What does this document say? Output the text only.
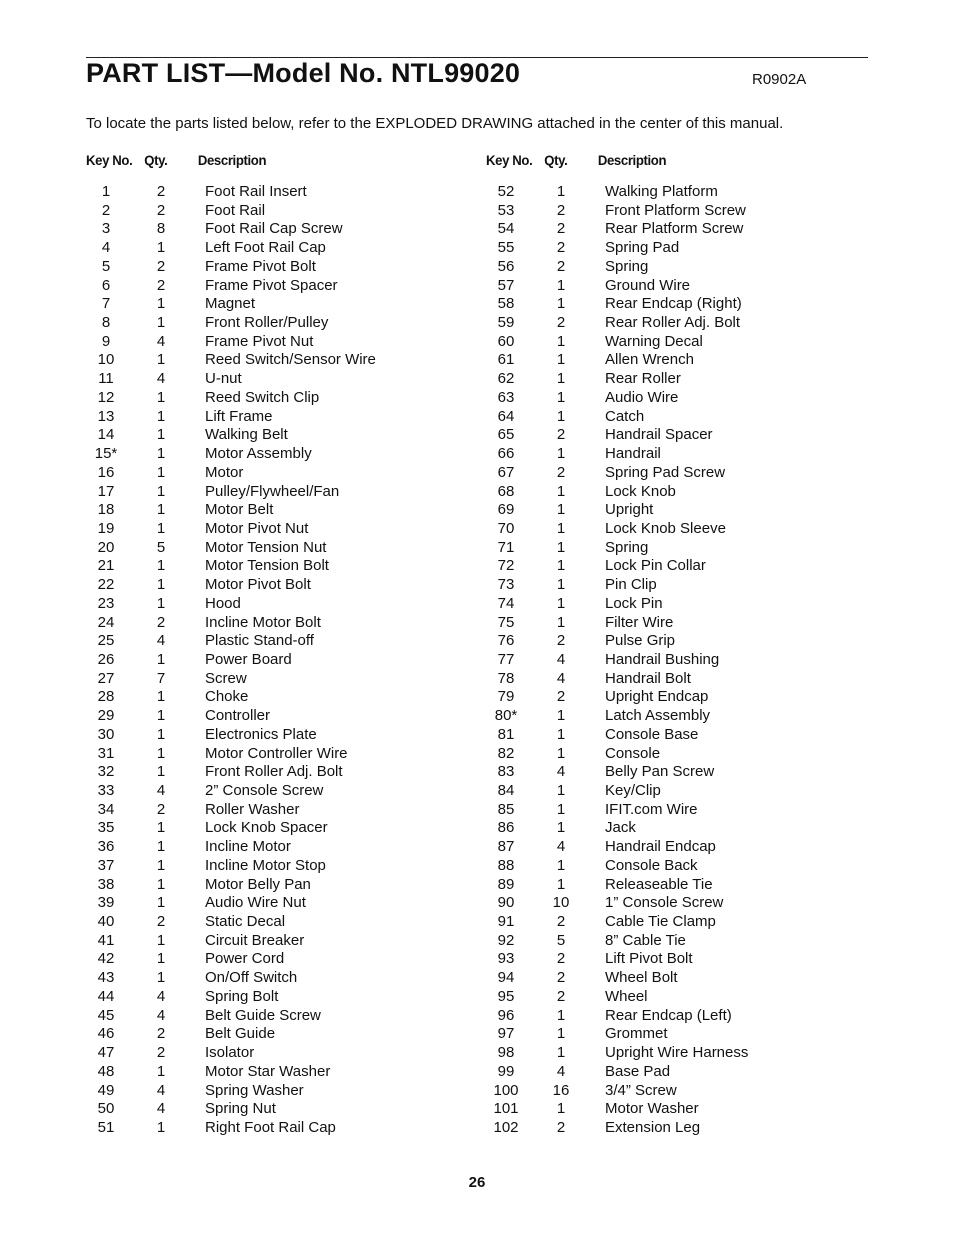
PART LIST—Model No. NTL99020	R0902A
To locate the parts listed below, refer to the EXPLODED DRAWING attached in the center of this manual.
Key No. Qty. Description
1	2	Foot Rail Insert
2	2	Foot Rail
3	8	Foot Rail Cap Screw
4	1	Left Foot Rail Cap
5	2	Frame Pivot Bolt
6	2	Frame Pivot Spacer
7	1	Magnet
8	1	Front Roller/Pulley
9	4	Frame Pivot Nut
10	1	Reed Switch/Sensor Wire
11	4	U-nut
12	1	Reed Switch Clip
13	1	Lift Frame
14	1	Walking Belt
15*	1	Motor Assembly
16	1	Motor
17	1	Pulley/Flywheel/Fan
18	1	Motor Belt
19	1	Motor Pivot Nut
20	5	Motor Tension Nut
21	1	Motor Tension Bolt
22	1	Motor Pivot Bolt
23	1	Hood
24	2	Incline Motor Bolt
25	4	Plastic Stand-off
26	1	Power Board
27	7	Screw
28	1	Choke
29	1	Controller
30	1	Electronics Plate
31	1	Motor Controller Wire
32	1	Front Roller Adj. Bolt
33	4	2” Console Screw
34	2	Roller Washer
35	1	Lock Knob Spacer
36	1	Incline Motor
37	1	Incline Motor Stop
38	1	Motor Belly Pan
39	1	Audio Wire Nut
40	2	Static Decal
41	1	Circuit Breaker
42	1	Power Cord
43	1	On/Off Switch
44	4	Spring Bolt
45	4	Belt Guide Screw
46	2	Belt Guide
47	2	Isolator
48	1	Motor Star Washer
49	4	Spring Washer
50	4	Spring Nut
51	1	Right Foot Rail Cap
Key No. Qty. Description
52	1	Walking Platform
53	2	Front Platform Screw
54	2	Rear Platform Screw
55	2	Spring Pad
56	2	Spring
57	1	Ground Wire
58	1	Rear Endcap (Right)
59	2	Rear Roller Adj. Bolt
60	1	Warning Decal
61	1	Allen Wrench
62	1	Rear Roller
63	1	Audio Wire
64	1	Catch
65	2	Handrail Spacer
66	1	Handrail
67	2	Spring Pad Screw
68	1	Lock Knob
69	1	Upright
70	1	Lock Knob Sleeve
71	1	Spring
72	1	Lock Pin Collar
73	1	Pin Clip
74	1	Lock Pin
75	1	Filter Wire
76	2	Pulse Grip
77	4	Handrail Bushing
78	4	Handrail Bolt
79	2	Upright Endcap
80*	1	Latch Assembly
81	1	Console Base
82	1	Console
83	4	Belly Pan Screw
84	1	Key/Clip
85	1	IFIT.com Wire
86	1	Jack
87	4	Handrail Endcap
88	1	Console Back
89	1	Releaseable Tie
90	10	1” Console Screw
91	2	Cable Tie Clamp
92	5	8” Cable Tie
93	2	Lift Pivot Bolt
94	2	Wheel Bolt
95	2	Wheel
96	1	Rear Endcap (Left)
97	1	Grommet
98	1	Upright Wire Harness
99	4	Base Pad
100	16	3/4” Screw
101	1	Motor Washer
102	2	Extension Leg
26
